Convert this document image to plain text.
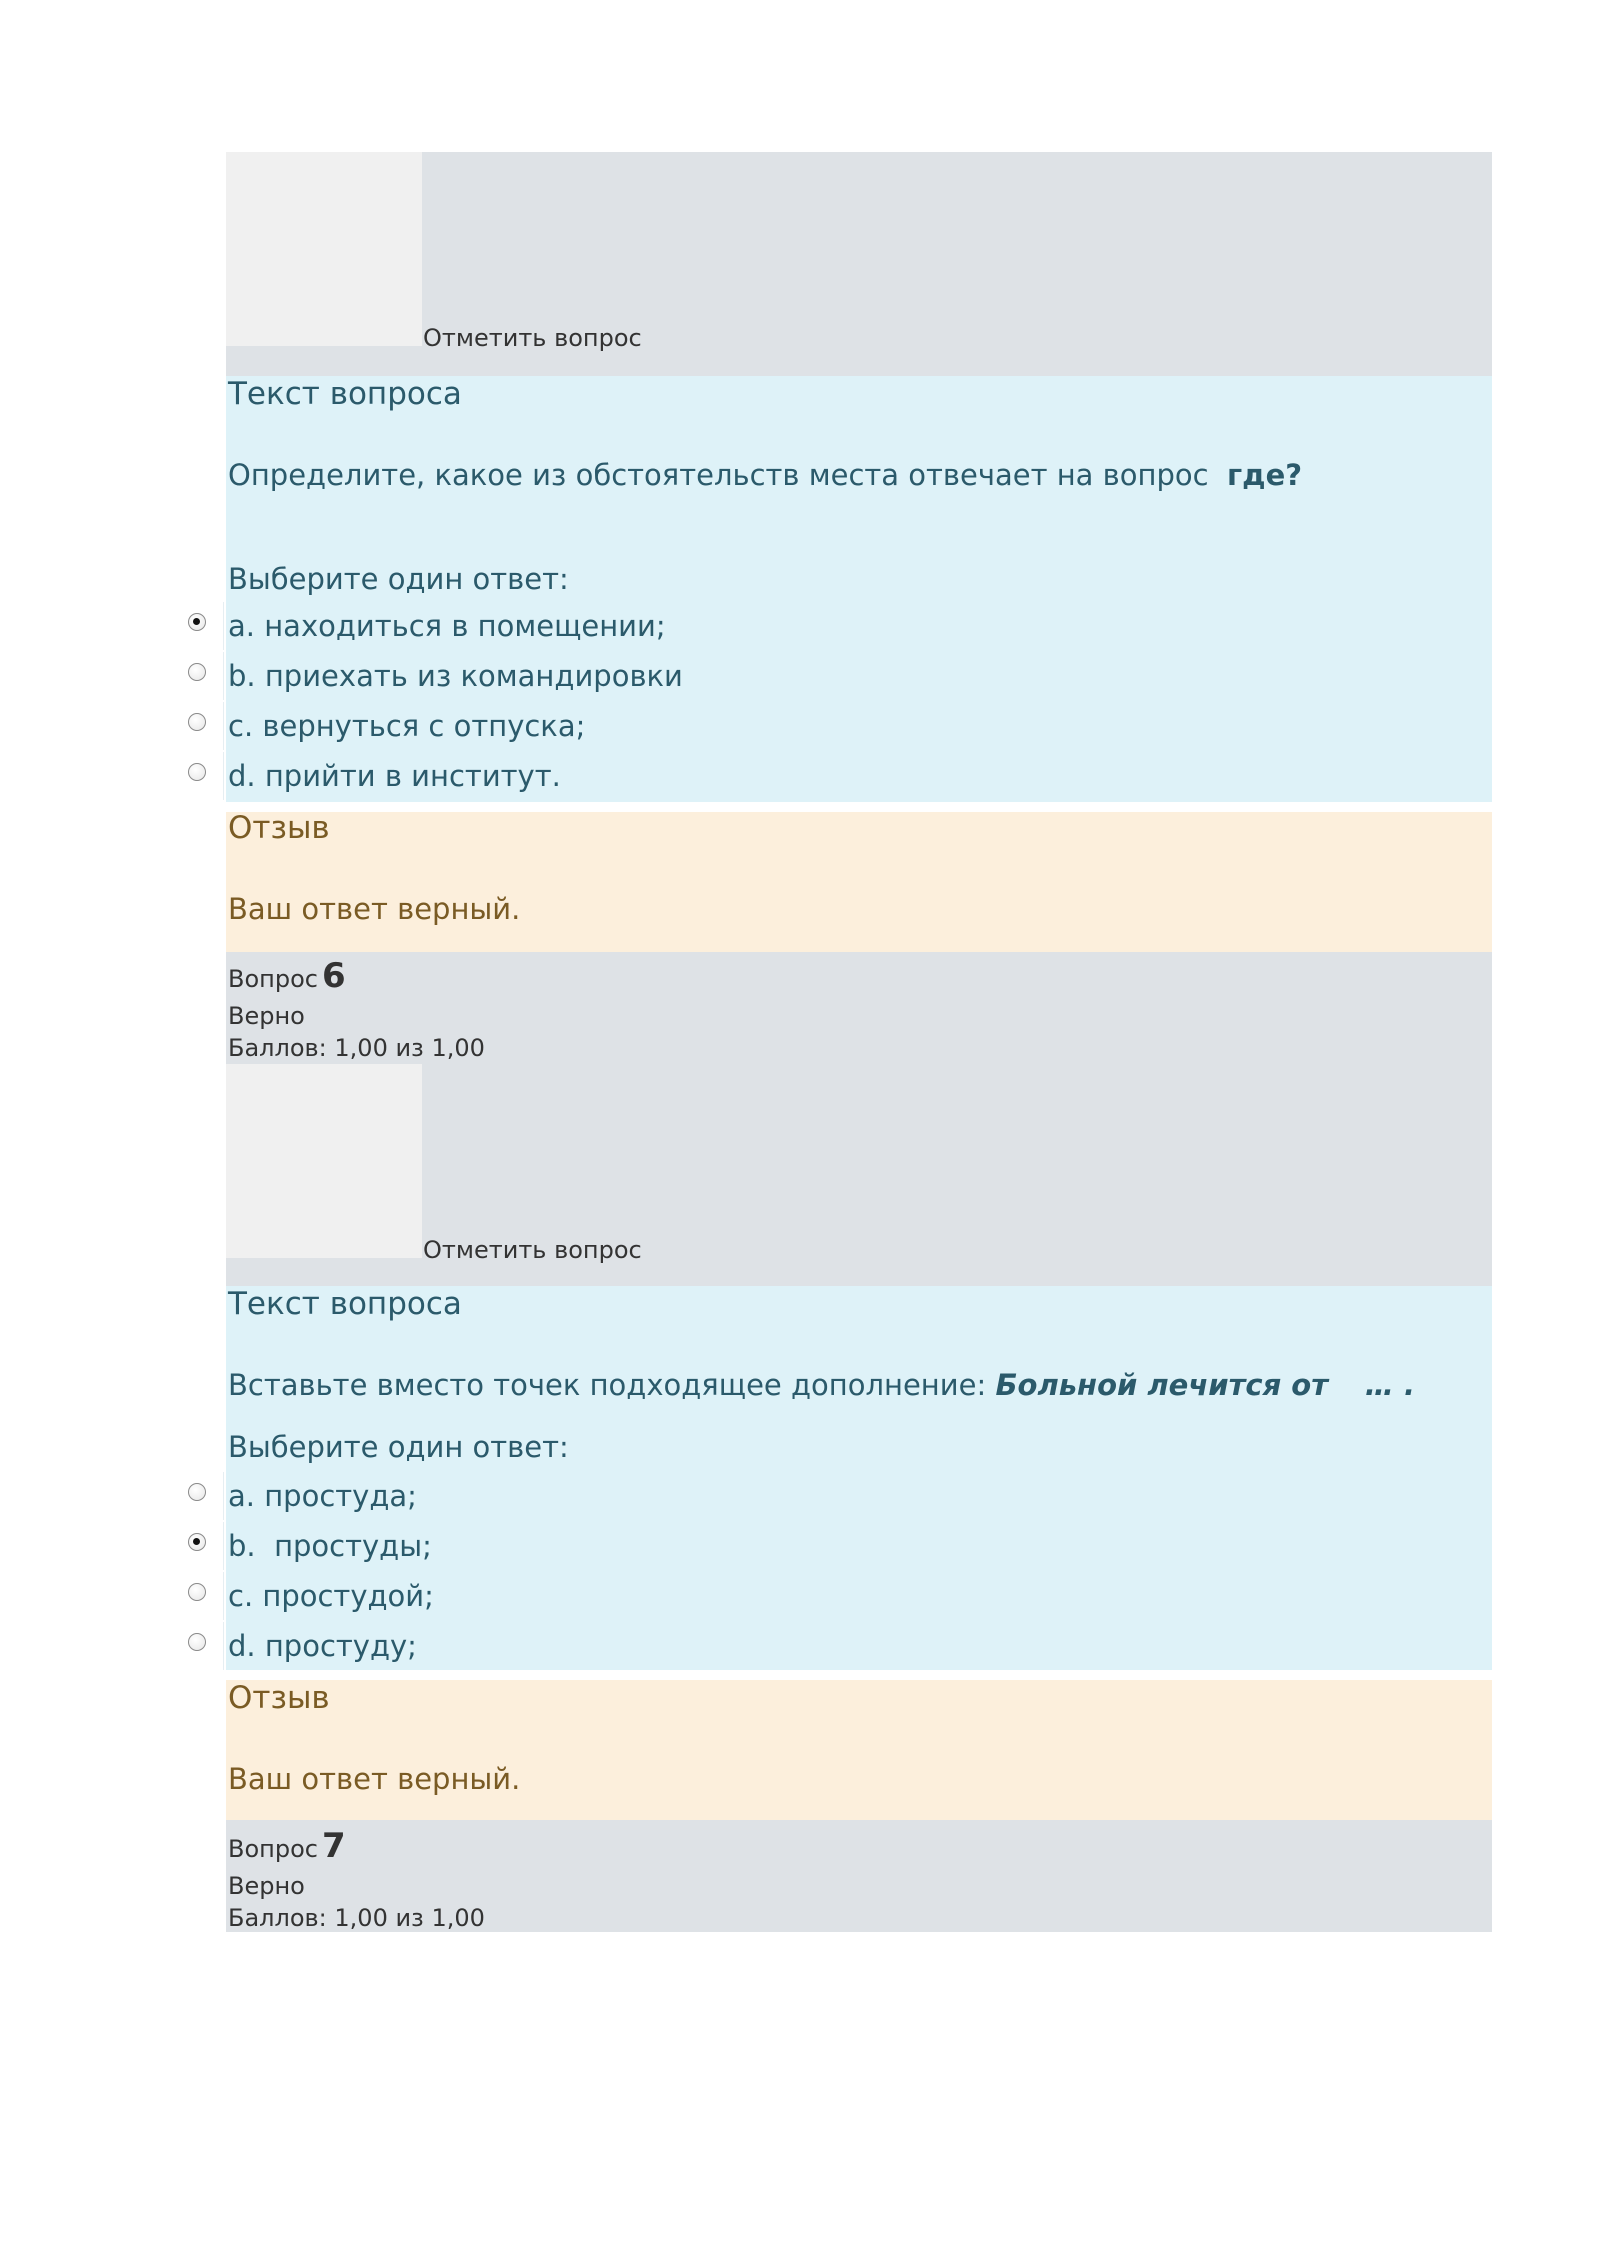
Отметить вопрос
Текст вопроса
Определите, какое из обстоятельств места отвечает на вопрос где?
Выберите один ответ:
a. находиться в помещении;
b. приехать из командировки
c. вернуться с отпуска;
d. прийти в институт.
Отзыв
Ваш ответ верный.
Вопрос 6
Верно
Баллов: 1,00 из 1,00
Отметить вопрос
Текст вопроса
Вставьте вместо точек подходящее дополнение: Больной лечится от … .
Выберите один ответ:
a. простуда;
b.  простуды;
c. простудой;
d. простуду;
Отзыв
Ваш ответ верный.
Вопрос 7
Верно
Баллов: 1,00 из 1,00
